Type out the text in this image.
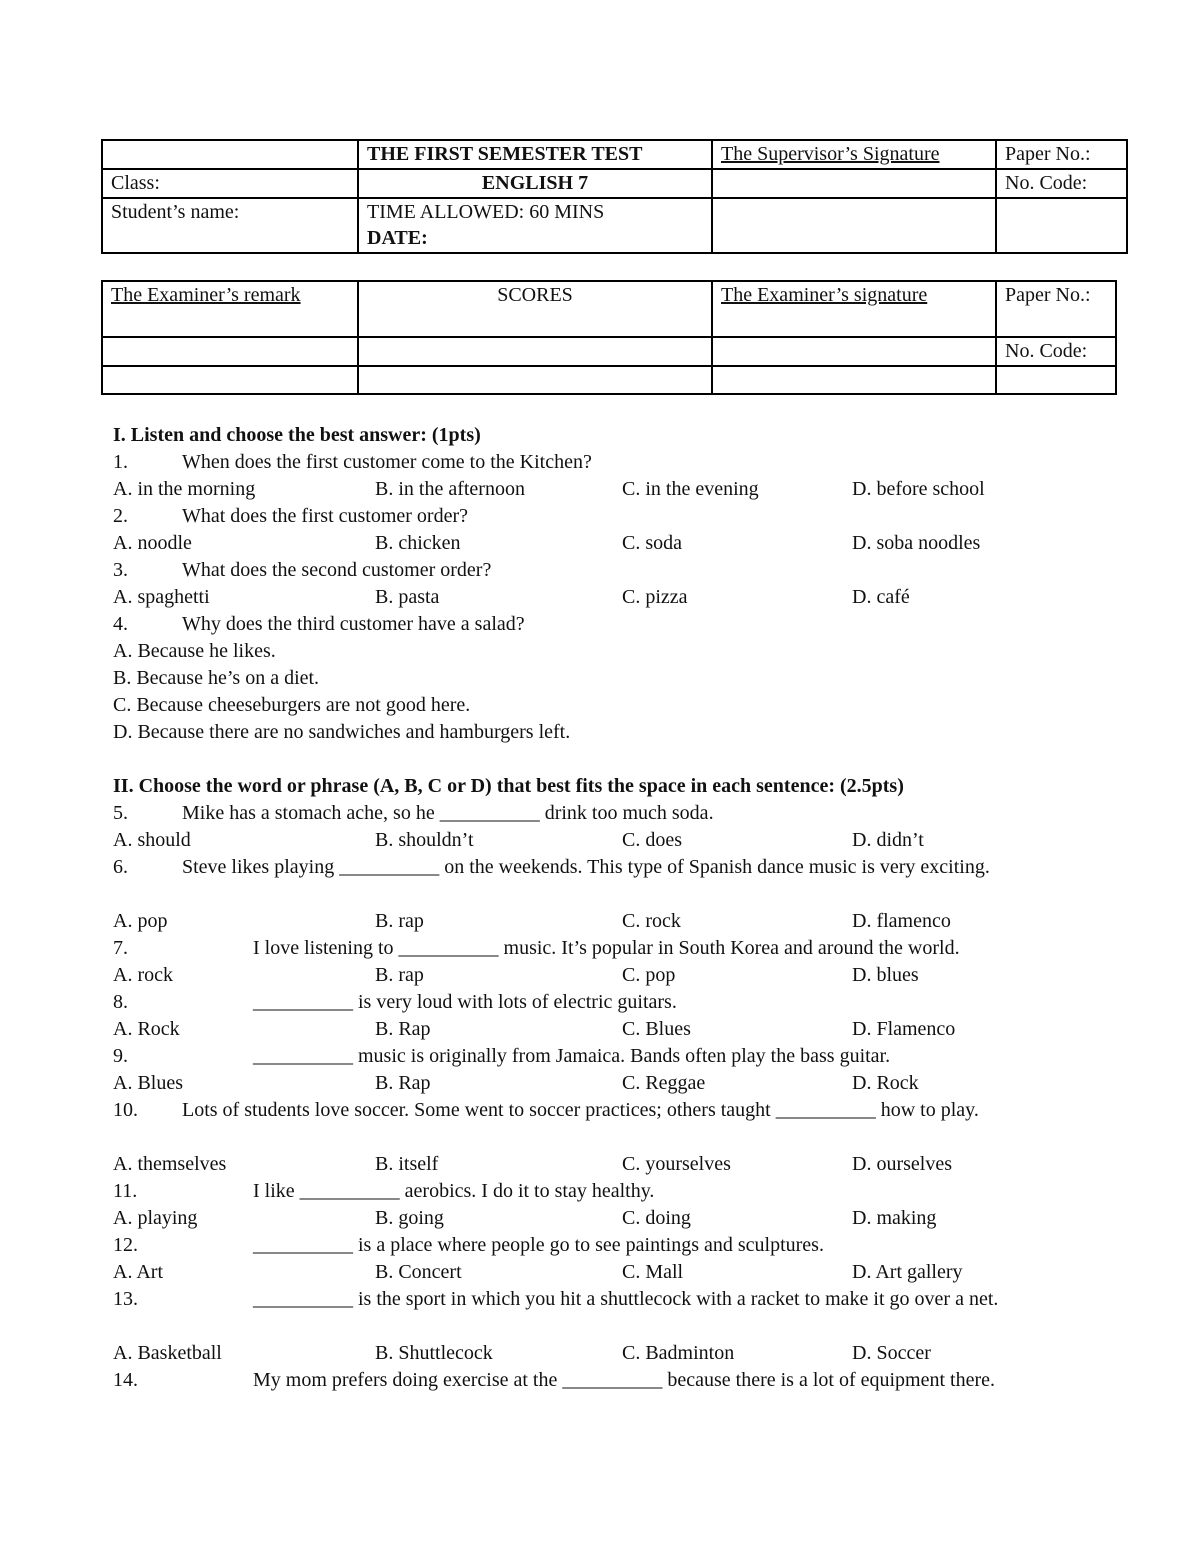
	THE FIRST SEMESTER TEST	The Supervisor’s Signature	Paper No.:
Class:	ENGLISH 7		No. Code:
Student’s name:	TIME ALLOWED: 60 MINS
DATE:		

The Examiner’s remark	SCORES	The Examiner’s signature	Paper No.:
			No. Code:

I. Listen and choose the best answer: (1pts)
1.	When does the first customer come to the Kitchen?
A. in the morning	B. in the afternoon	C. in the evening	D. before school
2.	What does the first customer order?
A. noodle	B. chicken	C. soda	D. soba noodles
3.	What does the second customer order?
A. spaghetti	B. pasta	C. pizza	D. café
4.	Why does the third customer have a salad?
A. Because he likes.
B. Because he’s on a diet.
C. Because cheeseburgers are not good here.
D. Because there are no sandwiches and hamburgers left.
II. Choose the word or phrase (A, B, C or D) that best fits the space in each sentence: (2.5pts)
5.	Mike has a stomach ache, so he __________ drink too much soda.
A. should	B. shouldn’t	C. does	D. didn’t
6.	Steve likes playing __________ on the weekends. This type of Spanish dance music is very exciting.
A. pop	B. rap	C. rock	D. flamenco
7.	I love listening to __________ music. It’s popular in South Korea and around the world.
A. rock	B. rap	C. pop	D. blues
8.	__________ is very loud with lots of electric guitars.
A. Rock	B. Rap	C. Blues	D. Flamenco
9.	__________ music is originally from Jamaica. Bands often play the bass guitar.
A. Blues	B. Rap	C. Reggae	D. Rock
10.	Lots of students love soccer. Some went to soccer practices; others taught __________ how to play.
A. themselves	B. itself	C. yourselves	D. ourselves
11.	I like __________ aerobics. I do it to stay healthy.
A. playing	B. going	C. doing	D. making
12.	__________ is a place where people go to see paintings and sculptures.
A. Art	B. Concert	C. Mall	D. Art gallery
13.	__________ is the sport in which you hit a shuttlecock with a racket to make it go over a net.
A. Basketball	B. Shuttlecock	C. Badminton	D. Soccer
14.	My mom prefers doing exercise at the __________ because there is a lot of equipment there.
